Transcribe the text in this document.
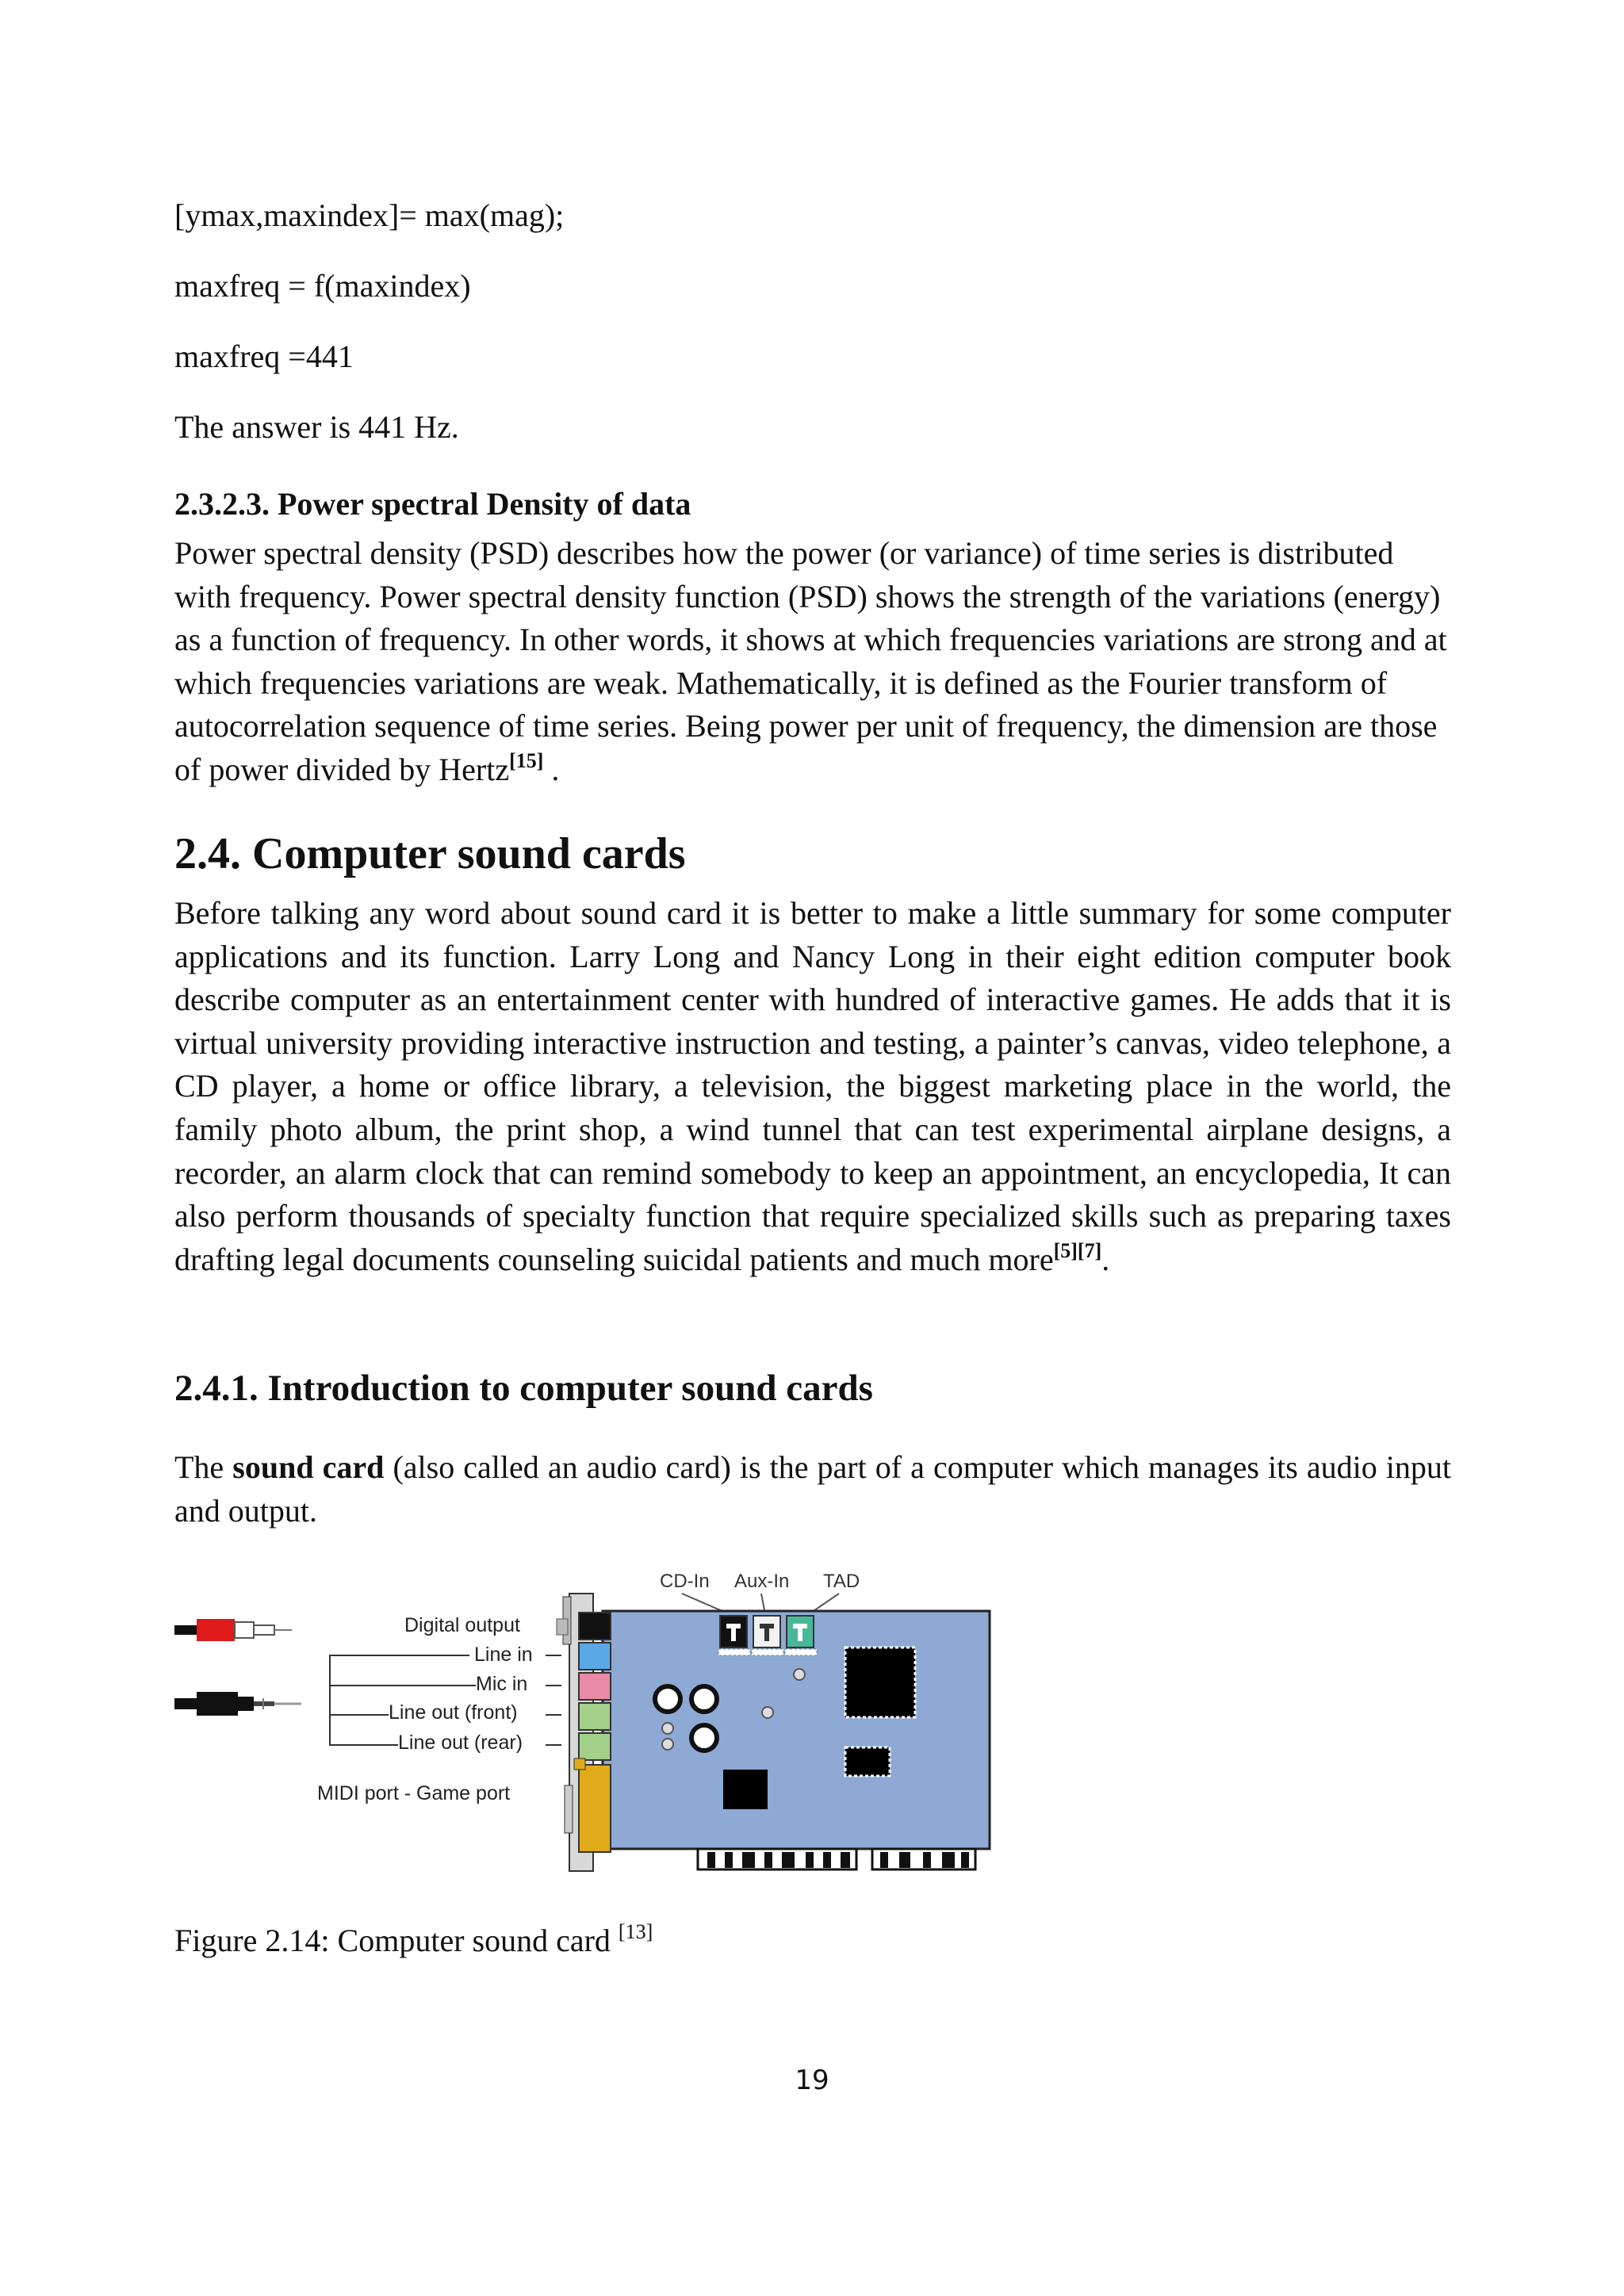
[ymax,maxindex]= max(mag);
maxfreq = f(maxindex)
maxfreq =441
The answer is 441 Hz.
2.3.2.3. Power spectral Density of data

Power spectral density (PSD) describes how the power (or variance) of time series is distributed with frequency. Power spectral density function (PSD) shows the strength of the variations (energy) as a function of frequency. In other words, it shows at which frequencies variations are strong and at which frequencies variations are weak. Mathematically, it is defined as the Fourier transform of autocorrelation sequence of time series. Being power per unit of frequency, the dimension are those of power divided by Hertz[15] .

2.4. Computer sound cards

Before talking any word about sound card it is better to make a little summary for some computer applications and its function. Larry Long and Nancy Long in their eight edition computer book describe computer as an entertainment center with hundred of interactive games. He adds that it is virtual university providing interactive instruction and testing, a painter’s canvas, video telephone, a CD player, a home or office library, a television, the biggest marketing place in the world, the family photo album, the print shop, a wind tunnel that can test experimental airplane designs, a recorder, an alarm clock that can remind somebody to keep an appointment, an encyclopedia, It can also perform thousands of specialty function that require specialized skills such as preparing taxes drafting legal documents counseling suicidal patients and much more[5][7].

2.4.1. Introduction to computer sound cards

The sound card (also called an audio card) is the part of a computer which manages its audio input and output.

CD-In Aux-In TAD
Digital output
Line in
Mic in
Line out (front)
Line out (rear)
MIDI port - Game port
Figure 2.14: Computer sound card [13]
19
